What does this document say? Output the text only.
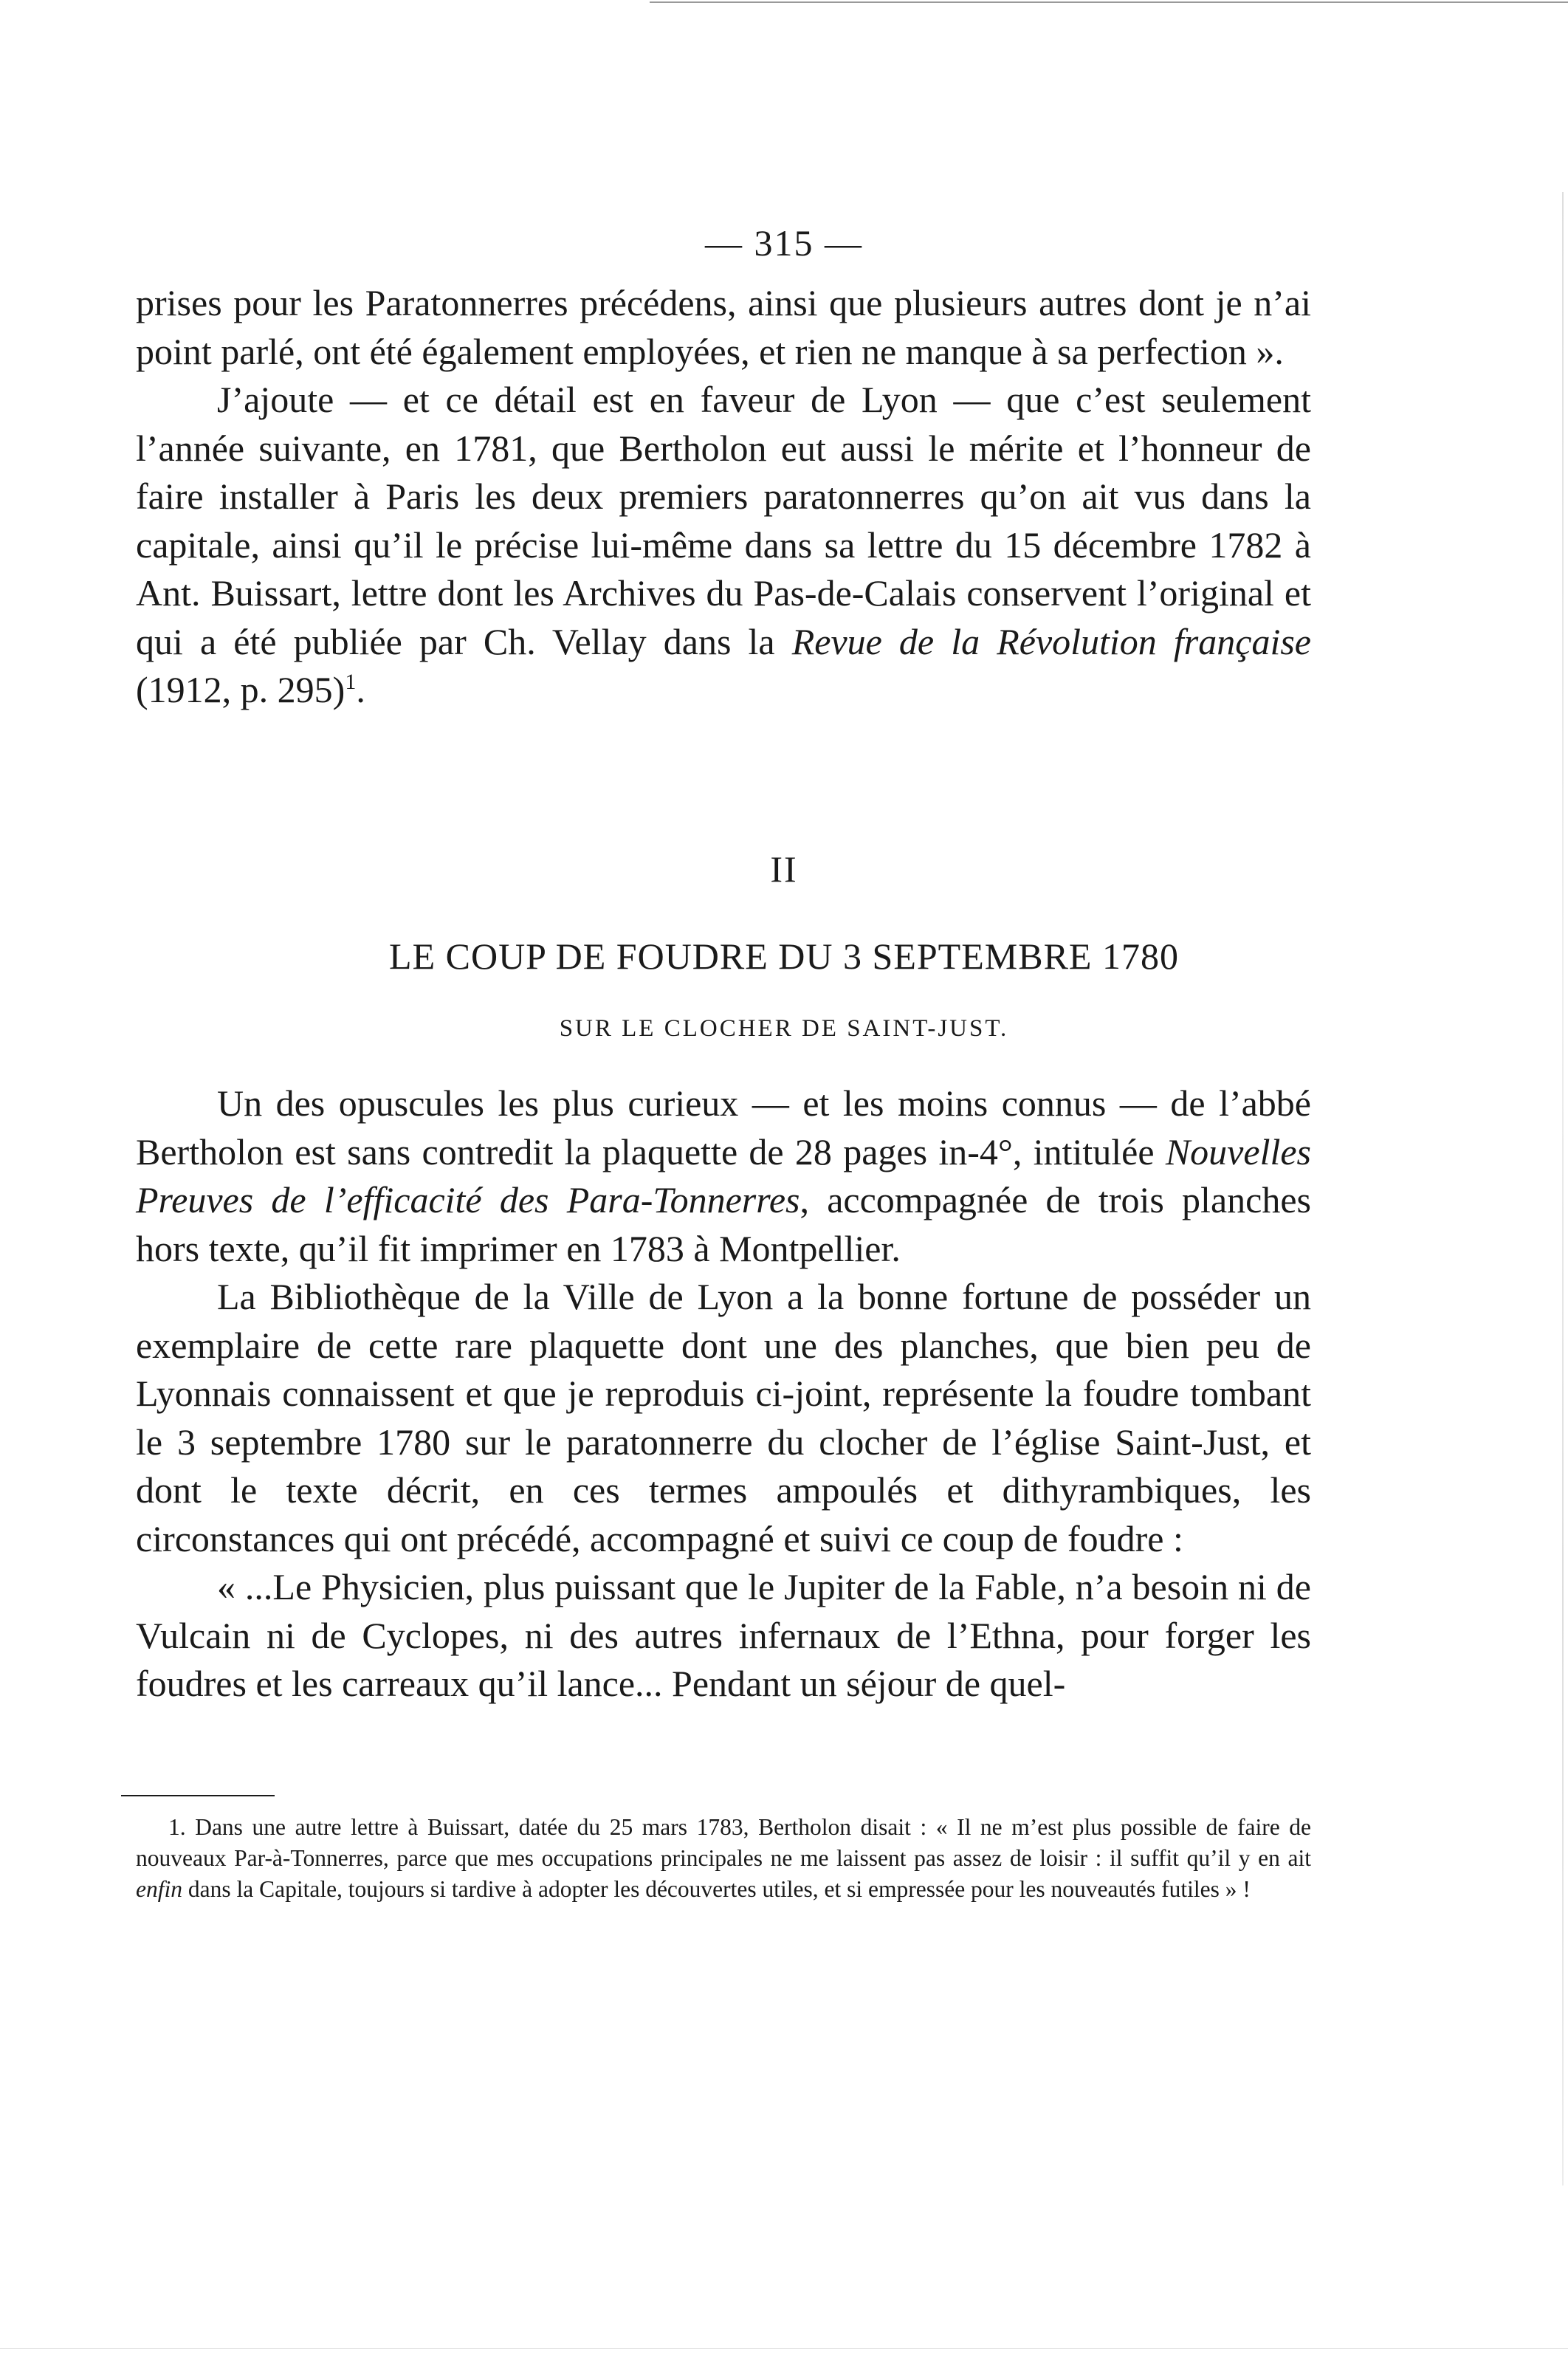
— 315 —

prises pour les Paratonnerres précédens, ainsi que plusieurs autres dont je n’ai point parlé, ont été également employées, et rien ne manque à sa perfection ».

J’ajoute — et ce détail est en faveur de Lyon — que c’est seulement l’année suivante, en 1781, que Bertholon eut aussi le mérite et l’honneur de faire installer à Paris les deux premiers paratonnerres qu’on ait vus dans la capitale, ainsi qu’il le précise lui-même dans sa lettre du 15 décembre 1782 à Ant. Buissart, lettre dont les Archives du Pas-de-Calais conservent l’original et qui a été publiée par Ch. Vellay dans la Revue de la Révolution française (1912, p. 295)$^1$.

II
LE COUP DE FOUDRE DU 3 SEPTEMBRE 1780
SUR LE CLOCHER DE SAINT-JUST.

Un des opuscules les plus curieux — et les moins connus — de l’abbé Bertholon est sans contredit la plaquette de 28 pages in-4°, intitulée Nouvelles Preuves de l’efficacité des Para-Tonnerres, accompagnée de trois planches hors texte, qu’il fit imprimer en 1783 à Montpellier.

La Bibliothèque de la Ville de Lyon a la bonne fortune de posséder un exemplaire de cette rare plaquette dont une des planches, que bien peu de Lyonnais connaissent et que je reproduis ci-joint, représente la foudre tombant le 3 septembre 1780 sur le paratonnerre du clocher de l’église Saint-Just, et dont le texte décrit, en ces termes ampoulés et dithyrambiques, les circonstances qui ont précédé, accompagné et suivi ce coup de foudre :

« ...Le Physicien, plus puissant que le Jupiter de la Fable, n’a besoin ni de Vulcain ni de Cyclopes, ni des autres infernaux de l’Ethna, pour forger les foudres et les carreaux qu’il lance... Pendant un séjour de quel-

1. Dans une autre lettre à Buissart, datée du 25 mars 1783, Bertholon disait : « Il ne m’est plus possible de faire de nouveaux Par-à-Tonnerres, parce que mes occupations principales ne me laissent pas assez de loisir : il suffit qu’il y en ait enfin dans la Capitale, toujours si tardive à adopter les découvertes utiles, et si empressée pour les nouveautés futiles » !
